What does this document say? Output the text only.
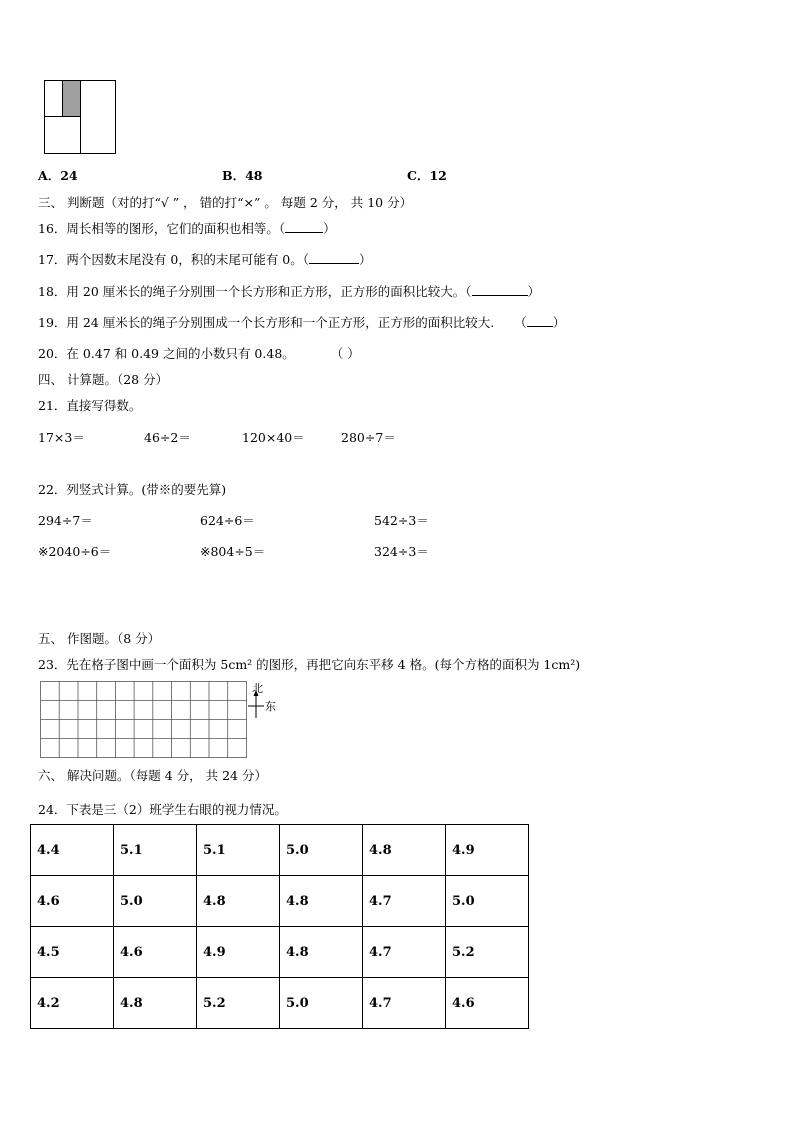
A．24	B．48	C．12
三、 判断题（对的打“√ ” ， 错的打“×” 。 每题 2 分， 共 10 分）
16．周长相等的图形，它们的面积也相等。（	）
17．两个因数末尾没有 0，积的末尾可能有 0。（	）
18．用 20 厘米长的绳子分别围一个长方形和正方形，正方形的面积比较大。（	）
19．用 24 厘米长的绳子分别围成一个长方形和一个正方形，正方形的面积比较大. （ ）
20．在 0.47 和 0.49 之间的小数只有 0.48。	（ ）
四、 计算题。（28 分）
21．直接写得数。
17×3＝	46÷2＝	120×40＝	280÷7＝
22．列竖式计算。(带※的要先算)
294÷7＝	624÷6＝	542÷3＝
※2040÷6＝	※804÷5＝	324÷3＝
五、 作图题。（8 分）
23．先在格子图中画一个面积为 5cm² 的图形，再把它向东平移 4 格。(每个方格的面积为 1cm²)
北
东
六、 解决问题。（每题 4 分， 共 24 分）
24．下表是三（2）班学生右眼的视力情况。
4.4	5.1	5.1	5.0	4.8	4.9
4.6	5.0	4.8	4.8	4.7	5.0
4.5	4.6	4.9	4.8	4.7	5.2
4.2	4.8	5.2	5.0	4.7	4.6
